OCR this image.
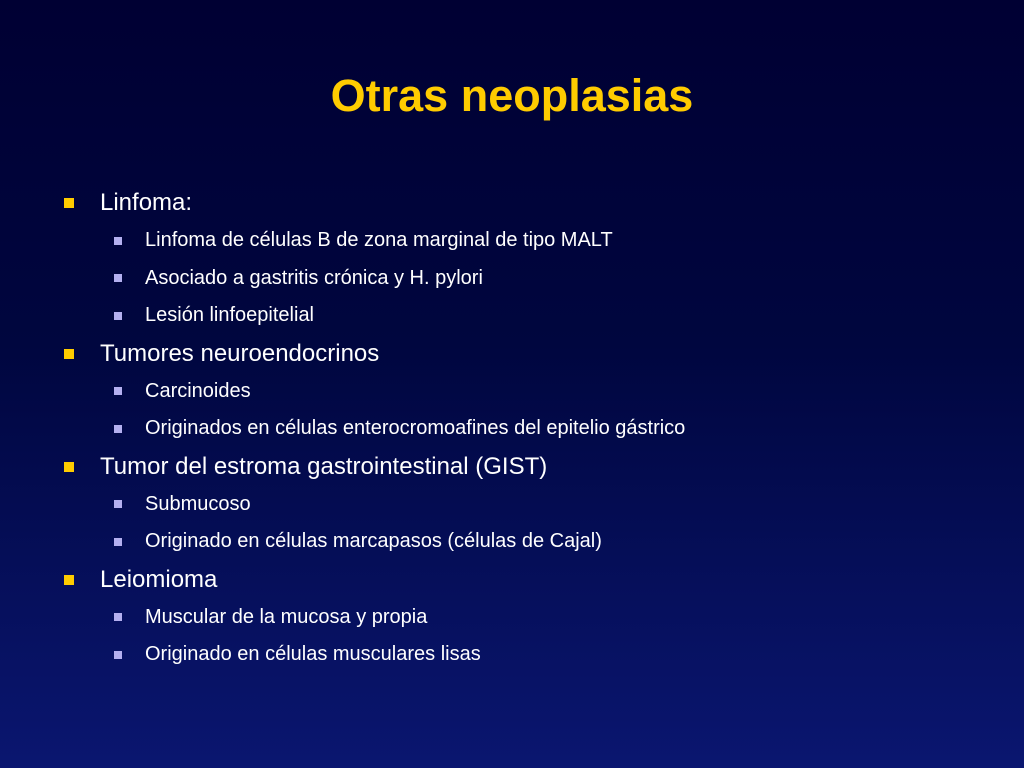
Otras neoplasias
Linfoma:
Linfoma de células B de zona marginal de tipo MALT
Asociado a gastritis crónica y H. pylori
Lesión linfoepitelial
Tumores neuroendocrinos
Carcinoides
Originados en células enterocromoafines del epitelio gástrico
Tumor del estroma gastrointestinal (GIST)
Submucoso
Originado en células marcapasos (células de Cajal)
Leiomioma
Muscular de la mucosa y propia
Originado en células musculares lisas
